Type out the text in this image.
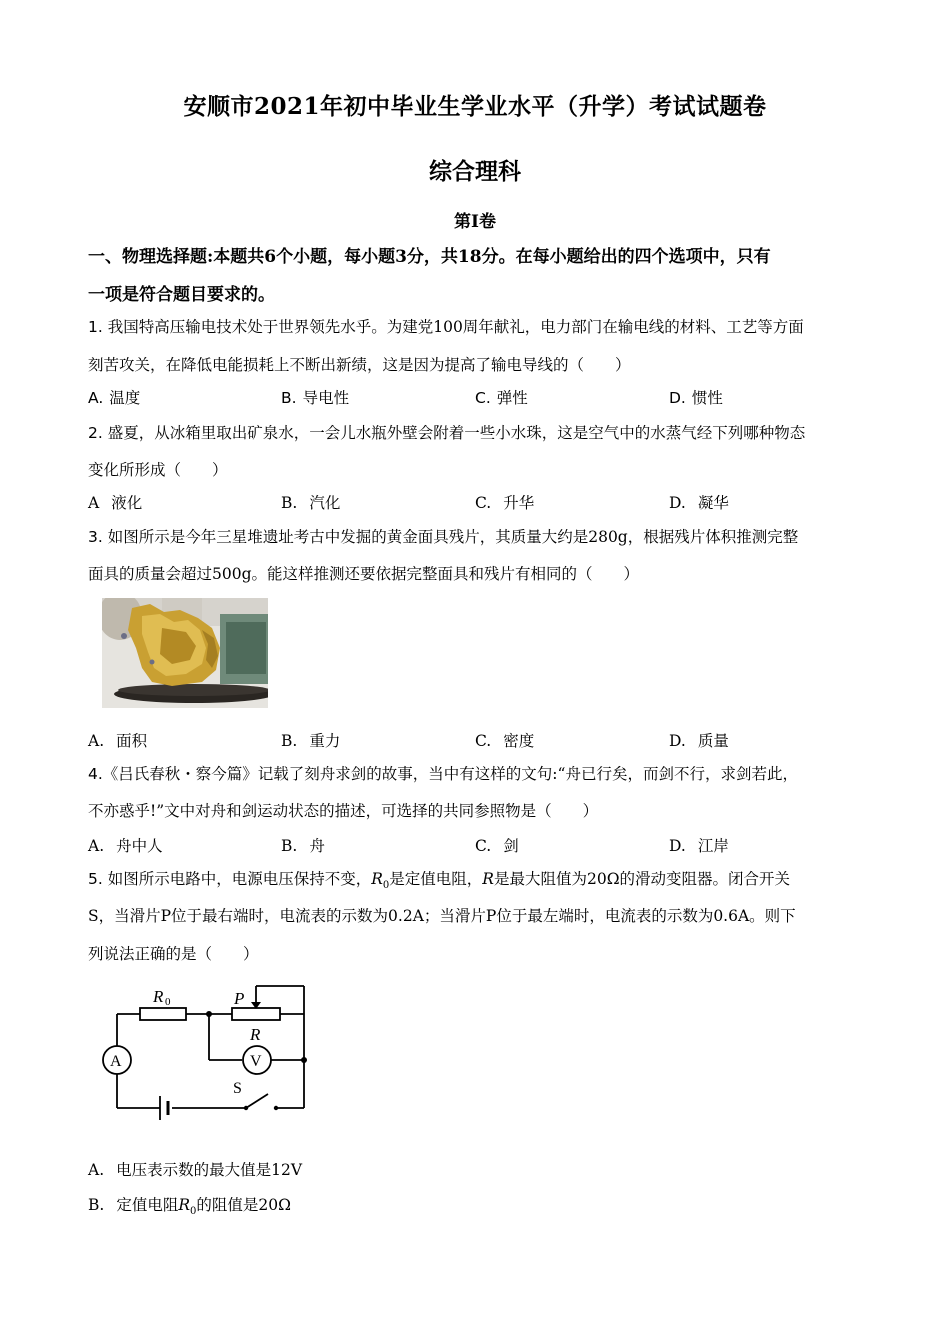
安顺市2021年初中毕业生学业水平（升学）考试试题卷
综合理科
第I卷
一、物理选择题:本题共6个小题，每小题3分，共18分。在每小题给出的四个选项中，只有
一项是符合题目要求的。
1. 我国特高压输电技术处于世界领先水乎。为建党100周年献礼，电力部门在输电线的材料、工艺等方面
刻苦攻关，在降低电能损耗上不断出新绩，这是因为提高了输电导线的（　　）
A. 温度	B. 导电性	C. 弹性	D. 惯性
2. 盛夏，从冰箱里取出矿泉水，一会儿水瓶外壁会附着一些小水珠，这是空气中的水蒸气经下列哪种物态
变化所形成（　　）
A 液化	B. 汽化	C. 升华	D. 凝华
3. 如图所示是今年三星堆遗址考古中发掘的黄金面具残片，其质量大约是280g，根据残片体积推测完整
面具的质量会超过500g。能这样推测还要依据完整面具和残片有相同的（　　）
A. 面积	B. 重力	C. 密度	D. 质量
4.《吕氏春秋・察今篇》记载了刻舟求剑的故事，当中有这样的文句:“舟已行矣，而剑不行，求剑若此，
不亦惑乎!”文中对舟和剑运动状态的描述，可选择的共同参照物是（　　）
A. 舟中人	B. 舟	C. 剑	D. 江岸
5. 如图所示电路中，电源电压保持不变，$R_0$是定值电阻，R是最大阻值为20Ω的滑动变阻器。闭合开关
S，当滑片P位于最右端时，电流表的示数为0.2A；当滑片P位于最左端时，电流表的示数为0.6A。则下
列说法正确的是（　　）
R 0	P
R
V
A
S
A. 电压表示数的最大值是12V
B. 定值电阻$R_0$的阻值是20Ω
